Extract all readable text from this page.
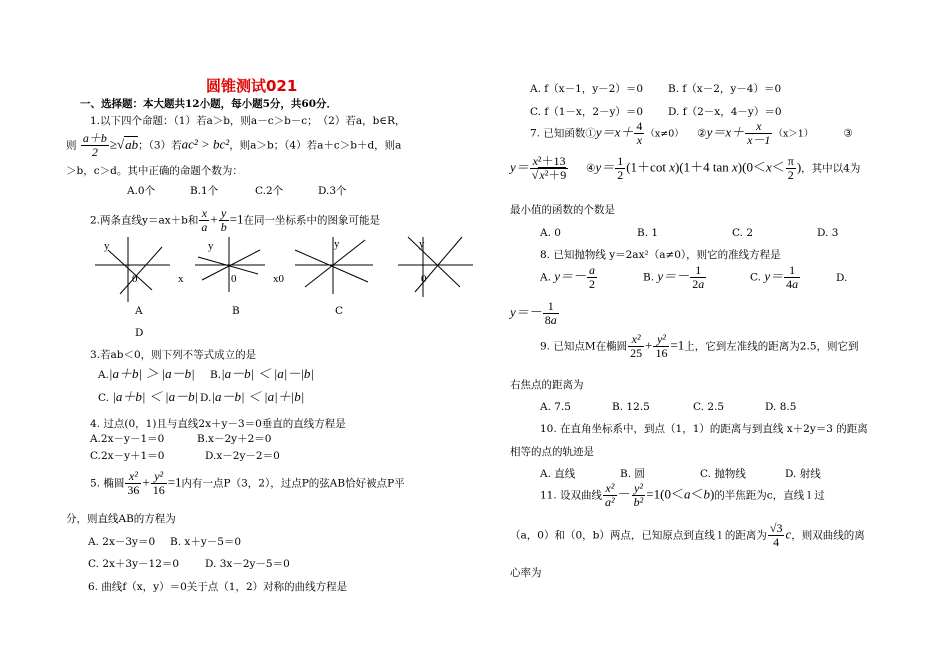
圆锥测试021
一、选择题：本大题共12小题，每小题5分，共60分．
1.以下四个命题：（1）若a＞b，则a－c＞b－c；　（2）若a，b∈R，
则 $\frac{a+b}{2} \ge√ab$；（3）若ac² > bc²，则a＞b；（4）若a＋c＞b＋d，则a
＞b，c＞d。其中正确的命题个数为：
A.0个	B.1个	C.2个	D.3个
2.两条直线y＝ax＋b和 $\frac{x}{a} + \frac{y}{b} =1$在同一坐标系中的图象可能是
y
0	x
y
0	x0
y	y
0
A	B	C
D
3.若ab＜0，则下列不等式成立的是
A.|a＋b| ＞ |a－b| B.|a－b| ＜ |a|－|b|
C. |a＋b| ＜ |a－b| D.|a－b| ＜ |a|＋|b|
4. 过点(0，1)且与直线2x＋y－3＝0垂直的直线方程是
A.2x－y－1＝0	B.x－2y＋2＝0
C.2x－y＋1＝0	D.x－2y－2＝0
5. 椭圆 $\frac{\text{x²}}{36} + \frac{\text{y²}}{16} =1$内有一点P（3，2），过点P的弦AB恰好被点P平
分，则直线AB的方程为
A. 2x－3y＝0 B. x＋y－5＝0
C. 2x＋3y－12＝0 D. 3x－2y－5＝0
6. 曲线f（x，y）＝0关于点（1，2）对称的曲线方程是
A. f（x－1，y－2）＝0 B. f（x－2，y－4）＝0
C. f（1－x，2－y）＝0 D. f（2－x，4－y）＝0
7. 已知函数①y＝x＋ $\frac{4}{x} (x\ne 0)$ ②y＝x＋ $\frac{x}{x-1} (x>1)$	③
$y= \frac{\text{x²＋13}}{\text{√x²＋9}}$ ④y＝ $\frac{1}{2} (1+\cot$ x)(1＋4 $\tan x)(0<x< \frac{\pi}{2}$ )，其中以4为
最小值的函数的个数是
A. 0	B. 1	C. 2	D. 3
8. 已知抛物线 y＝2ax²（a≠0），则它的准线方程是
A. $y=- \frac{a}{2}$	B. $y=- \frac{1}{2a}$	C. $y= \frac{1}{4a}$	D.
$y=- \frac{1}{8a}$
9. 已知点M在椭圆 $\frac{\text{x²}}{25} + \frac{\text{y²}}{16} =1$上，它到左准线的距离为2.5，则它到
右焦点的距离为
A. 7.5	B. 12.5	C. 2.5	D. 8.5
10. 在直角坐标系中，到点（1，1）的距离与到直线 x＋2y＝3 的距离
相等的点的轨迹是
A. 直线	B. 圆	C. 抛物线	D. 射线
11. 设双曲线 $\frac{\text{x²}}{\text{a²}} - \frac{\text{y²}}{\text{b²}} =1(0<a<b)$的半焦距为c，直线 l 过
（a，0）和（0，b）两点，已知原点到直线 l 的距离为 $\frac{√3}{4}$ c，则双曲线的离
心率为
